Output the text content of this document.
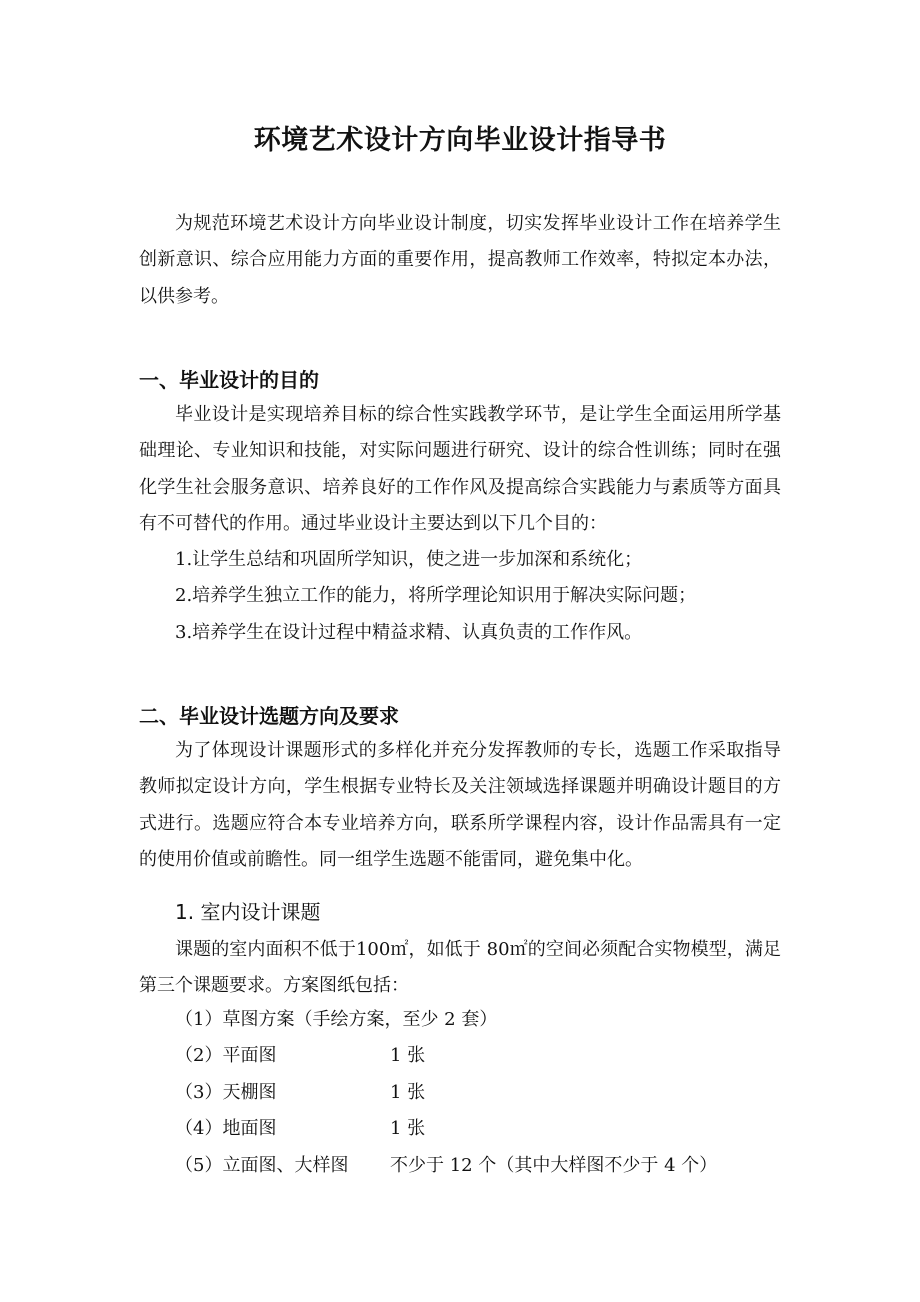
环境艺术设计方向毕业设计指导书
为规范环境艺术设计方向毕业设计制度，切实发挥毕业设计工作在培养学生创新意识、综合应用能力方面的重要作用，提高教师工作效率，特拟定本办法，以供参考。
一、毕业设计的目的
毕业设计是实现培养目标的综合性实践教学环节，是让学生全面运用所学基础理论、专业知识和技能，对实际问题进行研究、设计的综合性训练；同时在强化学生社会服务意识、培养良好的工作作风及提高综合实践能力与素质等方面具有不可替代的作用。通过毕业设计主要达到以下几个目的：
1.让学生总结和巩固所学知识，使之进一步加深和系统化；
2.培养学生独立工作的能力，将所学理论知识用于解决实际问题；
3.培养学生在设计过程中精益求精、认真负责的工作作风。
二、毕业设计选题方向及要求
为了体现设计课题形式的多样化并充分发挥教师的专长，选题工作采取指导教师拟定设计方向，学生根据专业特长及关注领域选择课题并明确设计题目的方式进行。选题应符合本专业培养方向，联系所学课程内容，设计作品需具有一定的使用价值或前瞻性。同一组学生选题不能雷同，避免集中化。
1. 室内设计课题
课题的室内面积不低于100㎡，如低于 80㎡的空间必须配合实物模型，满足第三个课题要求。方案图纸包括：
（1）草图方案（手绘方案，至少 2 套）
（2）平面图	1 张
（3）天棚图	1 张
（4）地面图	1 张
（5）立面图、大样图 不少于 12 个（其中大样图不少于 4 个）
